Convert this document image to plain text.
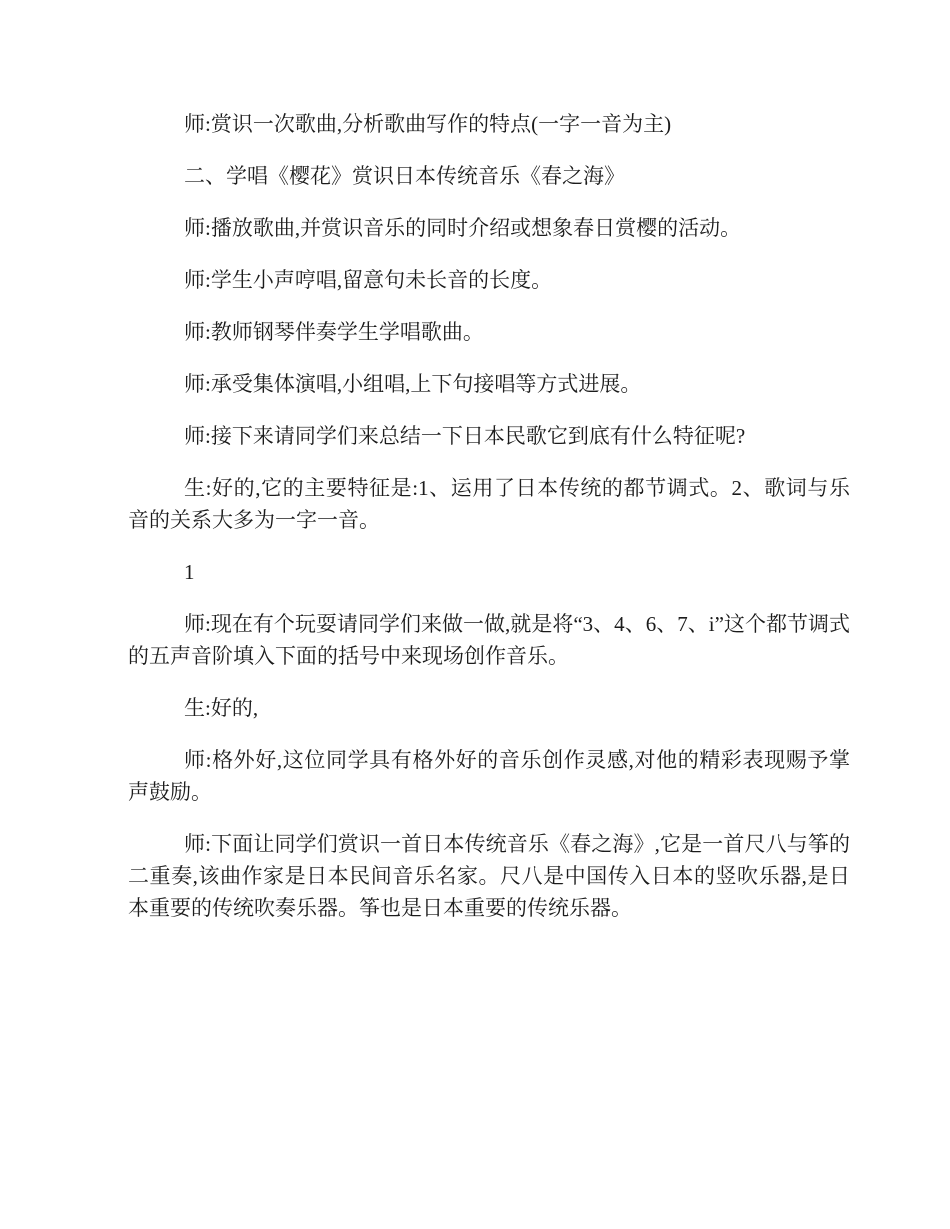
师:赏识一次歌曲,分析歌曲写作的特点(一字一音为主)

二、学唱《樱花》赏识日本传统音乐《春之海》

师:播放歌曲,并赏识音乐的同时介绍或想象春日赏樱的活动。

师:学生小声哼唱,留意句未长音的长度。

师:教师钢琴伴奏学生学唱歌曲。

师:承受集体演唱,小组唱,上下句接唱等方式进展。

师:接下来请同学们来总结一下日本民歌它到底有什么特征呢?

生:好的,它的主要特征是:1、运用了日本传统的都节调式。2、歌词与乐音的关系大多为一字一音。

1

师:现在有个玩耍请同学们来做一做,就是将“3、4、6、7、i”这个都节调式的五声音阶填入下面的括号中来现场创作音乐。

生:好的,

师:格外好,这位同学具有格外好的音乐创作灵感,对他的精彩表现赐予掌声鼓励。

师:下面让同学们赏识一首日本传统音乐《春之海》,它是一首尺八与筝的二重奏,该曲作家是日本民间音乐名家。尺八是中国传入日本的竖吹乐器,是日本重要的传统吹奏乐器。筝也是日本重要的传统乐器。
